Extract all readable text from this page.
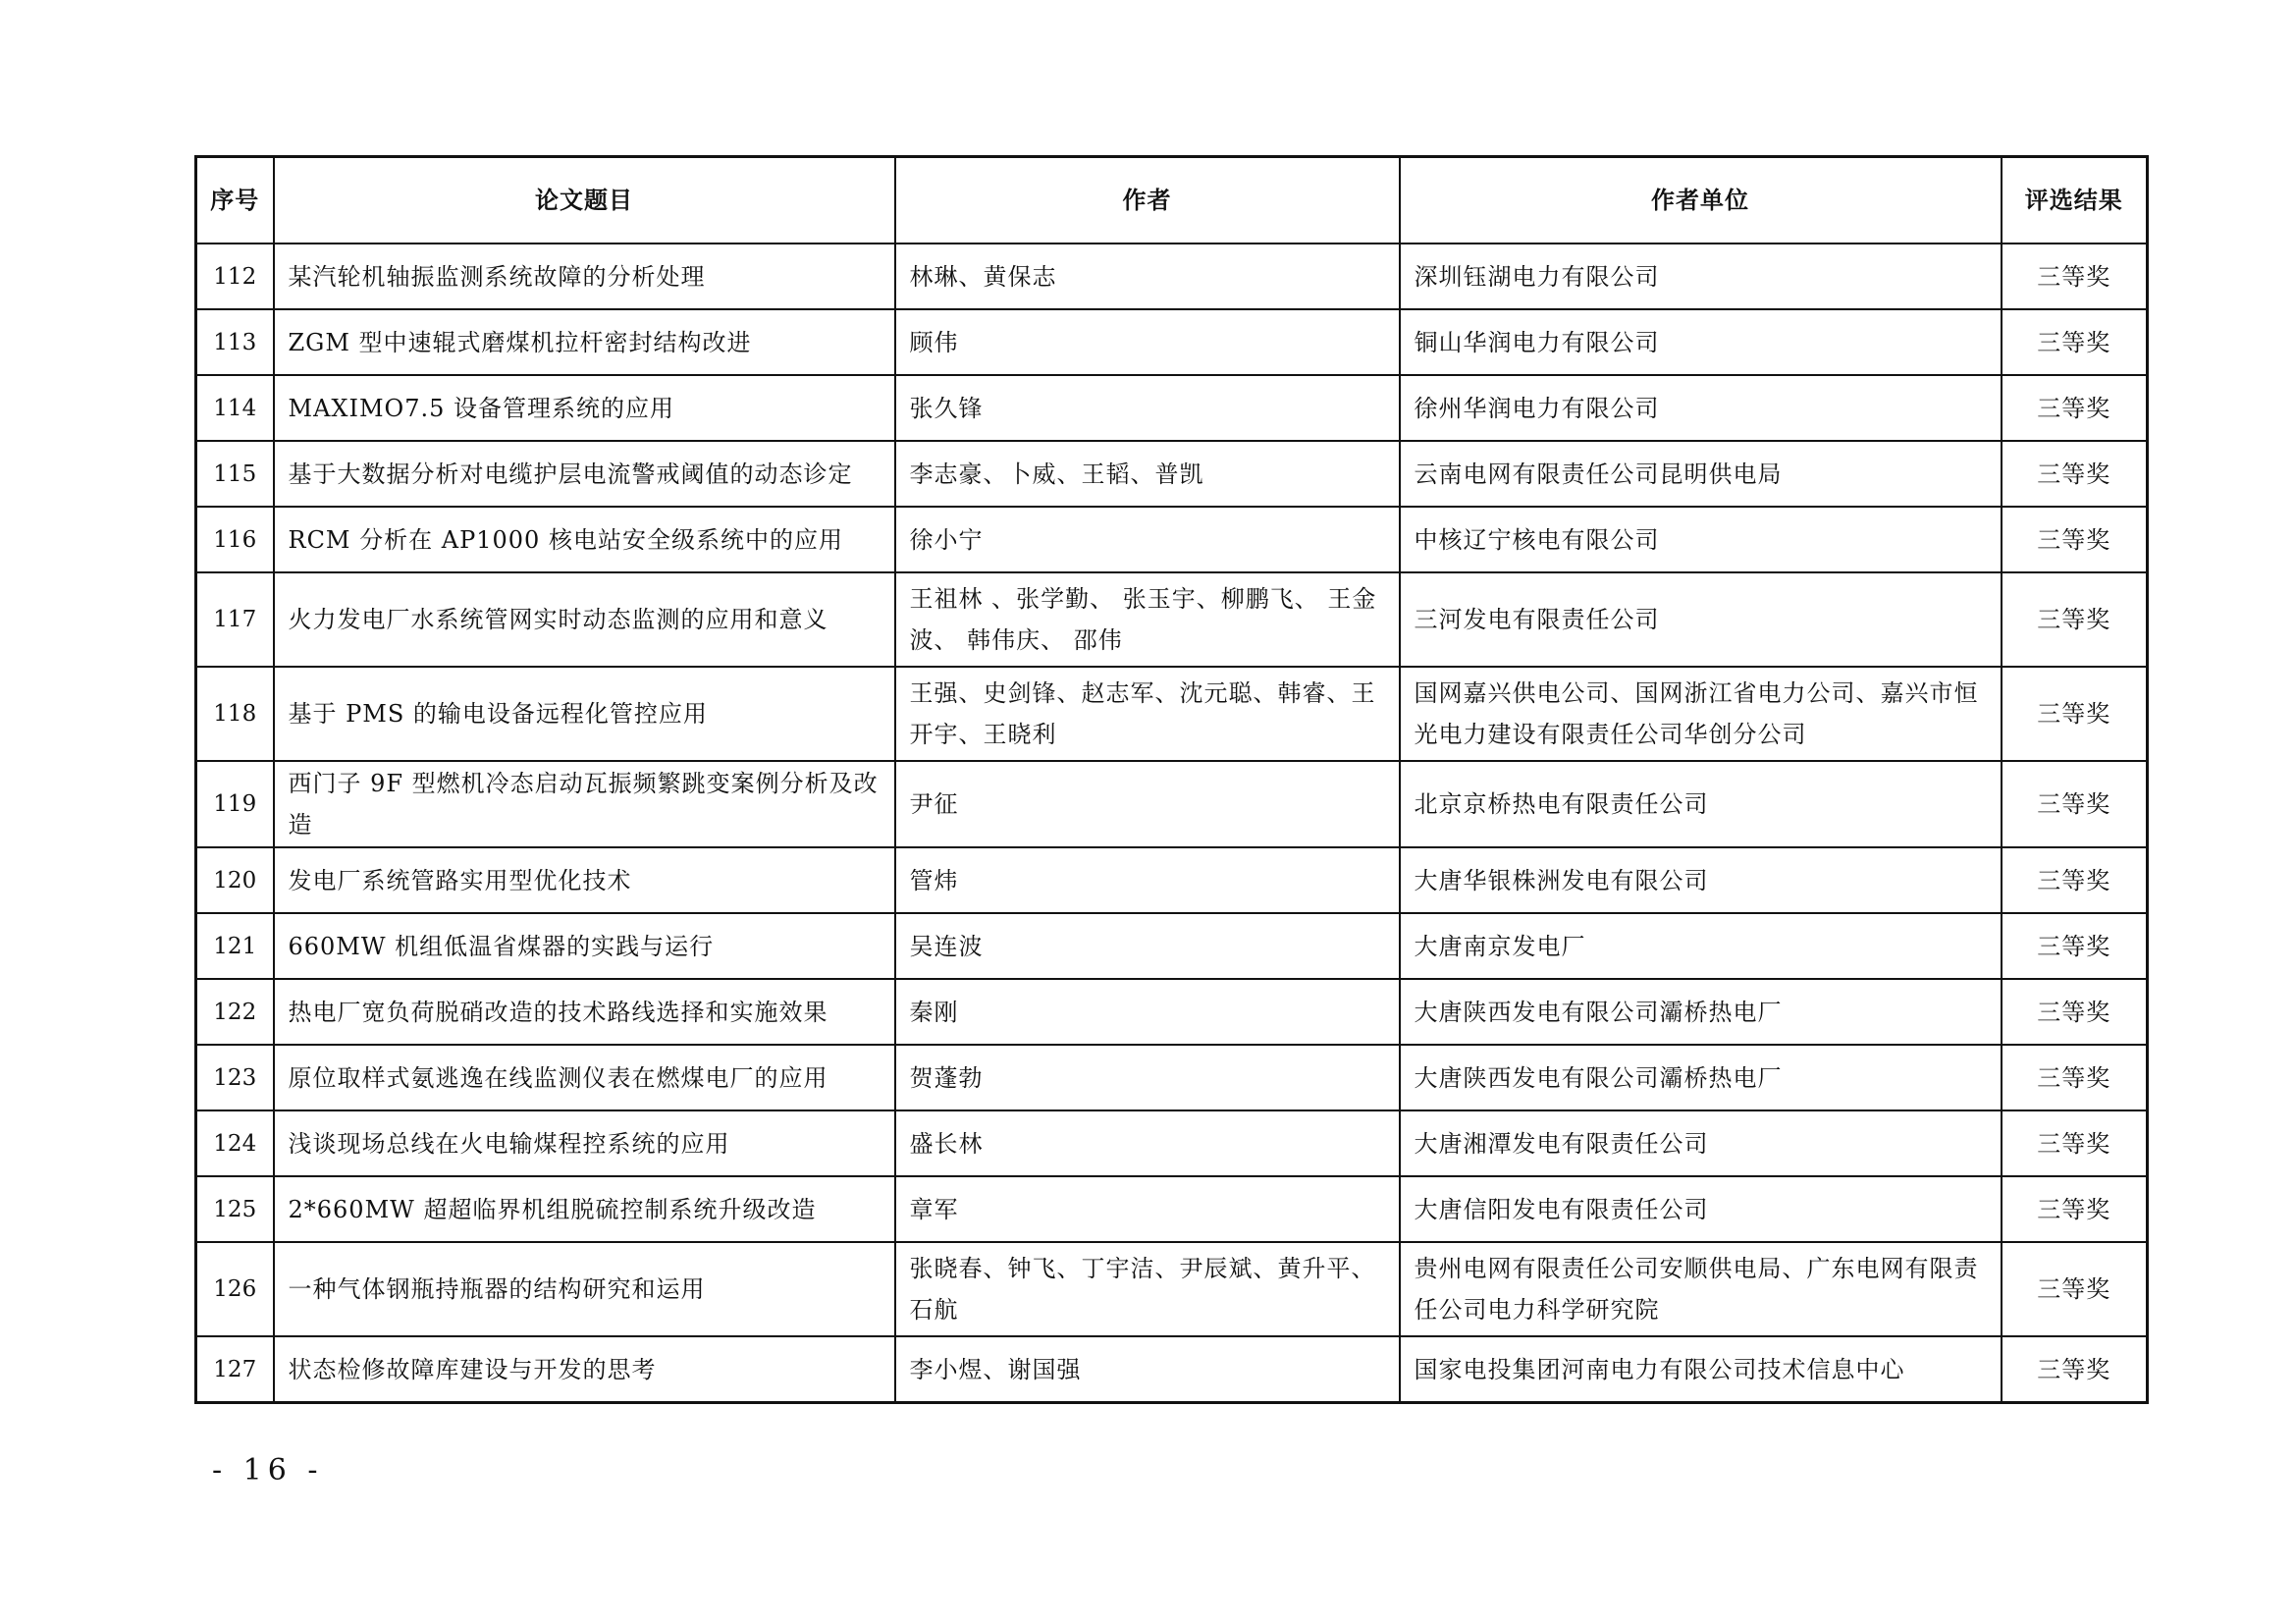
序号	论文题目	作者	作者单位	评选结果
112	某汽轮机轴振监测系统故障的分析处理	林琳、黄保志	深圳钰湖电力有限公司	三等奖
113	ZGM 型中速辊式磨煤机拉杆密封结构改进	顾伟	铜山华润电力有限公司	三等奖
114	MAXIMO7.5 设备管理系统的应用	张久锋	徐州华润电力有限公司	三等奖
115	基于大数据分析对电缆护层电流警戒阈值的动态诊定	李志豪、卜威、王韬、普凯	云南电网有限责任公司昆明供电局	三等奖
116	RCM 分析在 AP1000 核电站安全级系统中的应用	徐小宁	中核辽宁核电有限公司	三等奖
117	火力发电厂水系统管网实时动态监测的应用和意义	王祖林 、张学勤、 张玉宇、柳鹏飞、 王金波、 韩伟庆、 邵伟	三河发电有限责任公司	三等奖
118	基于 PMS 的输电设备远程化管控应用	王强、史剑锋、赵志军、沈元聪、韩睿、王开宇、王晓利	国网嘉兴供电公司、国网浙江省电力公司、嘉兴市恒光电力建设有限责任公司华创分公司	三等奖
119	西门子 9F 型燃机冷态启动瓦振频繁跳变案例分析及改造	尹征	北京京桥热电有限责任公司	三等奖
120	发电厂系统管路实用型优化技术	管炜	大唐华银株洲发电有限公司	三等奖
121	660MW 机组低温省煤器的实践与运行	吴连波	大唐南京发电厂	三等奖
122	热电厂宽负荷脱硝改造的技术路线选择和实施效果	秦刚	大唐陕西发电有限公司灞桥热电厂	三等奖
123	原位取样式氨逃逸在线监测仪表在燃煤电厂的应用	贺蓬勃	大唐陕西发电有限公司灞桥热电厂	三等奖
124	浅谈现场总线在火电输煤程控系统的应用	盛长林	大唐湘潭发电有限责任公司	三等奖
125	2*660MW 超超临界机组脱硫控制系统升级改造	章军	大唐信阳发电有限责任公司	三等奖
126	一种气体钢瓶持瓶器的结构研究和运用	张晓春、钟飞、丁宇洁、尹辰斌、黄升平、石航	贵州电网有限责任公司安顺供电局、广东电网有限责任公司电力科学研究院	三等奖
127	状态检修故障库建设与开发的思考	李小煜、谢国强	国家电投集团河南电力有限公司技术信息中心	三等奖
- 16 -
